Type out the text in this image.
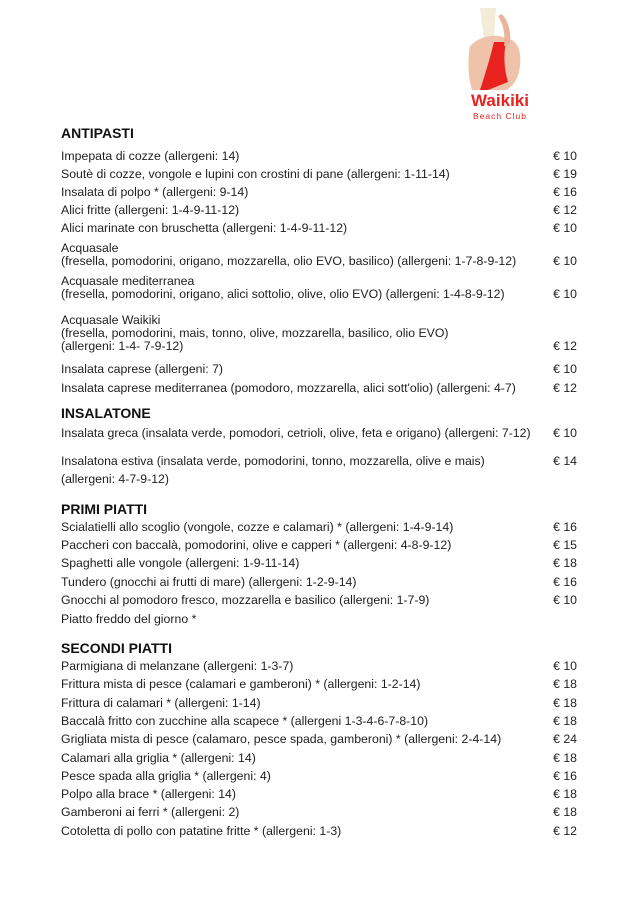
Waikiki
Beach Club
ANTIPASTI
Impepata di cozze (allergeni: 14)	€ 10
Soutè di cozze, vongole e lupini con crostini di pane (allergeni: 1-11-14)	€ 19
Insalata di polpo * (allergeni: 9-14)	€ 16
Alici fritte (allergeni: 1-4-9-11-12)	€ 12
Alici marinate con bruschetta (allergeni: 1-4-9-11-12)	€ 10
Acquasale
(fresella, pomodorini, origano, mozzarella, olio EVO, basilico) (allergeni: 1-7-8-9-12)	€ 10
Acquasale mediterranea
(fresella, pomodorini, origano, alici sottolio, olive, olio EVO) (allergeni: 1-4-8-9-12)	€ 10
Acquasale Waikiki
(fresella, pomodorini, mais, tonno, olive, mozzarella, basilico, olio EVO)
(allergeni: 1-4- 7-9-12)	€ 12
Insalata caprese (allergeni: 7)	€ 10
Insalata caprese mediterranea (pomodoro, mozzarella, alici sott'olio) (allergeni: 4-7)	€ 12
INSALATONE
Insalata greca (insalata verde, pomodori, cetrioli, olive, feta e origano) (allergeni: 7-12) € 10
Insalatona estiva (insalata verde, pomodorini, tonno, mozzarella, olive e mais)
(allergeni: 4-7-9-12)
€ 14
PRIMI PIATTI
Scialatielli allo scoglio (vongole, cozze e calamari) * (allergeni: 1-4-9-14)	€ 16
Paccheri con baccalà, pomodorini, olive e capperi * (allergeni: 4-8-9-12)	€ 15
Spaghetti alle vongole (allergeni: 1-9-11-14)	€ 18
Tundero (gnocchi ai frutti di mare) (allergeni: 1-2-9-14)	€ 16
Gnocchi al pomodoro fresco, mozzarella e basilico (allergeni: 1-7-9)	€ 10
Piatto freddo del giorno *
SECONDI PIATTI
Parmigiana di melanzane (allergeni: 1-3-7)	€ 10
Frittura mista di pesce (calamari e gamberoni) * (allergeni: 1-2-14)	€ 18
Frittura di calamari * (allergeni: 1-14)	€ 18
Baccalà fritto con zucchine alla scapece * (allergeni 1-3-4-6-7-8-10)	€ 18
Grigliata mista di pesce (calamaro, pesce spada, gamberoni) * (allergeni: 2-4-14)	€ 24
Calamari alla griglia * (allergeni: 14)	€ 18
Pesce spada alla griglia * (allergeni: 4)	€ 16
Polpo alla brace * (allergeni: 14)	€ 18
Gamberoni ai ferri * (allergeni: 2)	€ 18
Cotoletta di pollo con patatine fritte * (allergeni: 1-3)	€ 12
